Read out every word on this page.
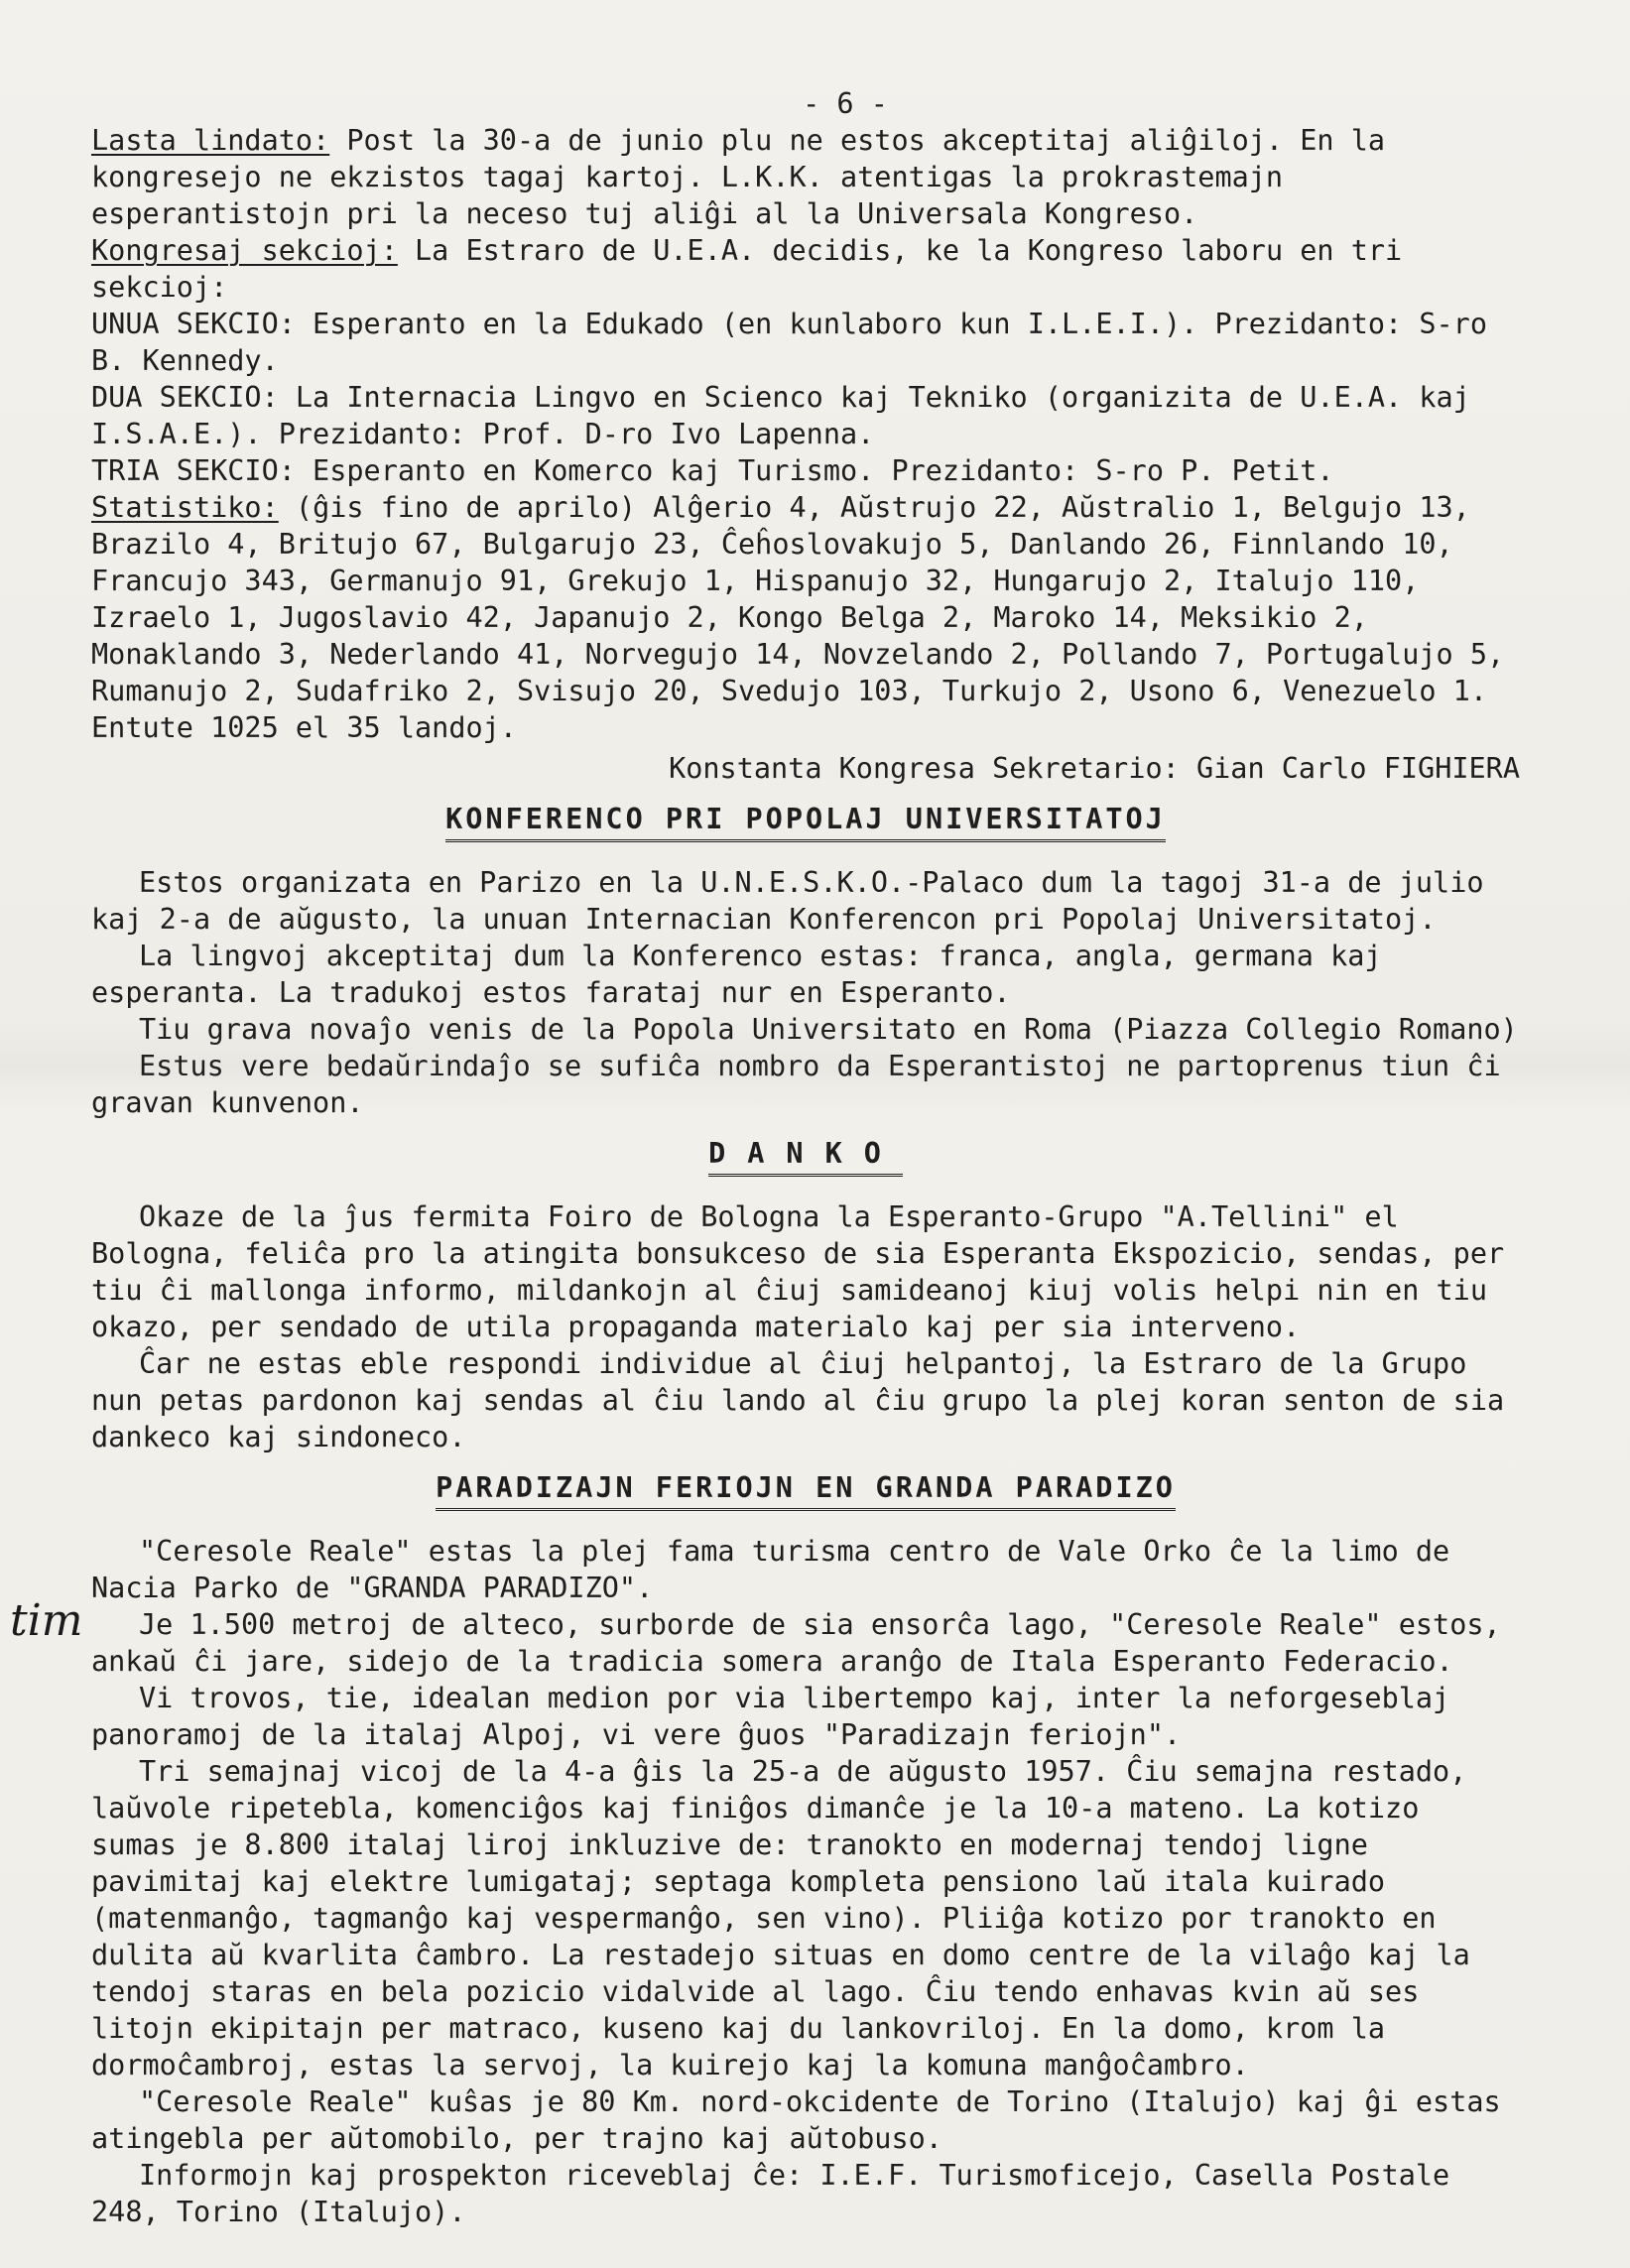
tim

- 6 -

Lasta lindato: Post la 30-a de junio plu ne estos akceptitaj aliĝiloj. En la kongresejo ne ekzistos tagaj kartoj. L.K.K. atentigas la prokrastemajn esperantistojn pri la neceso tuj aliĝi al la Universala Kongreso.

Kongresaj sekcioj: La Estraro de U.E.A. decidis, ke la Kongreso laboru en tri sekcioj:

UNUA SEKCIO: Esperanto en la Edukado (en kunlaboro kun I.L.E.I.). Prezidanto: S-ro B. Kennedy.

DUA SEKCIO: La Internacia Lingvo en Scienco kaj Tekniko (organizita de U.E.A. kaj I.S.A.E.). Prezidanto: Prof. D-ro Ivo Lapenna.

TRIA SEKCIO: Esperanto en Komerco kaj Turismo. Prezidanto: S-ro P. Petit.

Statistiko: (ĝis fino de aprilo) Alĝerio 4, Aŭstrujo 22, Aŭstralio 1, Belgujo 13, Brazilo 4, Britujo 67, Bulgarujo 23, Ĉeĥoslovakujo 5, Danlando 26, Finnlando 10, Francujo 343, Germanujo 91, Grekujo 1, Hispanujo 32, Hungarujo 2, Italujo 110, Izraelo 1, Jugoslavio 42, Japanujo 2, Kongo Belga 2, Maroko 14, Meksikio 2, Monaklando 3, Nederlando 41, Norvegujo 14, Novzelando 2, Pollando 7, Portugalujo 5, Rumanujo 2, Sudafriko 2, Svisujo 20, Svedujo 103, Turkujo 2, Usono 6, Venezuelo 1. Entute 1025 el 35 landoj.

Konstanta Kongresa Sekretario: Gian Carlo FIGHIERA

KONFERENCO PRI POPOLAJ UNIVERSITATOJ

Estos organizata en Parizo en la U.N.E.S.K.O.-Palaco dum la tagoj 31-a de julio kaj 2-a de aŭgusto, la unuan Internacian Konferencon pri Popolaj Universitatoj.

La lingvoj akceptitaj dum la Konferenco estas: franca, angla, germana kaj esperanta. La tradukoj estos farataj nur en Esperanto.

Tiu grava novaĵo venis de la Popola Universitato en Roma (Piazza Collegio Romano)

Estus vere bedaŭrindaĵo se sufiĉa nombro da Esperantistoj ne partoprenus tiun ĉi gravan kunvenon.

DANKO

Okaze de la ĵus fermita Foiro de Bologna la Esperanto-Grupo "A.Tellini" el Bologna, feliĉa pro la atingita bonsukceso de sia Esperanta Ekspozicio, sendas, per tiu ĉi mallonga informo, mildankojn al ĉiuj samideanoj kiuj volis helpi nin en tiu okazo, per sendado de utila propaganda materialo kaj per sia intervenо.

Ĉar ne estas eble respondi individue al ĉiuj helpantoj, la Estraro de la Grupo nun petas pardonon kaj sendas al ĉiu lando al ĉiu grupo la plej koran senton de sia dankeco kaj sindoneco.

PARADIZAJN FERIOJN EN GRANDA PARADIZO

"Ceresole Reale" estas la plej fama turisma centro de Vale Orko ĉe la limo de Nacia Parko de "GRANDA PARADIZO".

Je 1.500 metroj de alteco, surborde de sia ensorĉa lago, "Ceresole Reale" estos, ankaŭ ĉi jare, sidejo de la tradicia somera aranĝo de Itala Esperanto Federacio.

Vi trovos, tie, idealan medion por via libertempo kaj, inter la neforgeseblaj panoramoj de la italaj Alpoj, vi vere ĝuos "Paradizajn feriojn".

Tri semajnaj vicoj de la 4-a ĝis la 25-a de aŭgusto 1957. Ĉiu semajna restado, laŭvole ripetebla, komenciĝos kaj finiĝos dimanĉe je la 10-a mateno. La kotizo sumas je 8.800 italaj liroj inkluzive de: tranokto en modernaj tendoj ligne pavimitaj kaj elektre lumigataj; septaga kompleta pensiono laŭ itala kuirado (matenmanĝo, tagmanĝo kaj vespermanĝo, sen vino). Pliiĝa kotizo por tranokto en dulita aŭ kvarlita ĉambro. La restadejo situas en domo centre de la vilaĝo kaj la tendoj staras en bela pozicio vidalvide al lago. Ĉiu tendo enhavas kvin aŭ ses litojn ekipitajn per matraco, kuseno kaj du lankovriloj. En la domo, krom la dormoĉambroj, estas la servoj, la kuirejo kaj la komuna manĝoĉambro.

"Ceresole Reale" kuŝas je 80 Km. nord-okcidente de Torino (Italujo) kaj ĝi estas atingebla per aŭtomobilo, per trajno kaj aŭtobuso.

Informojn kaj prospekton riceveblaj ĉe: I.E.F. Turismoficejo, Casella Postale 248, Torino (Italujo).
